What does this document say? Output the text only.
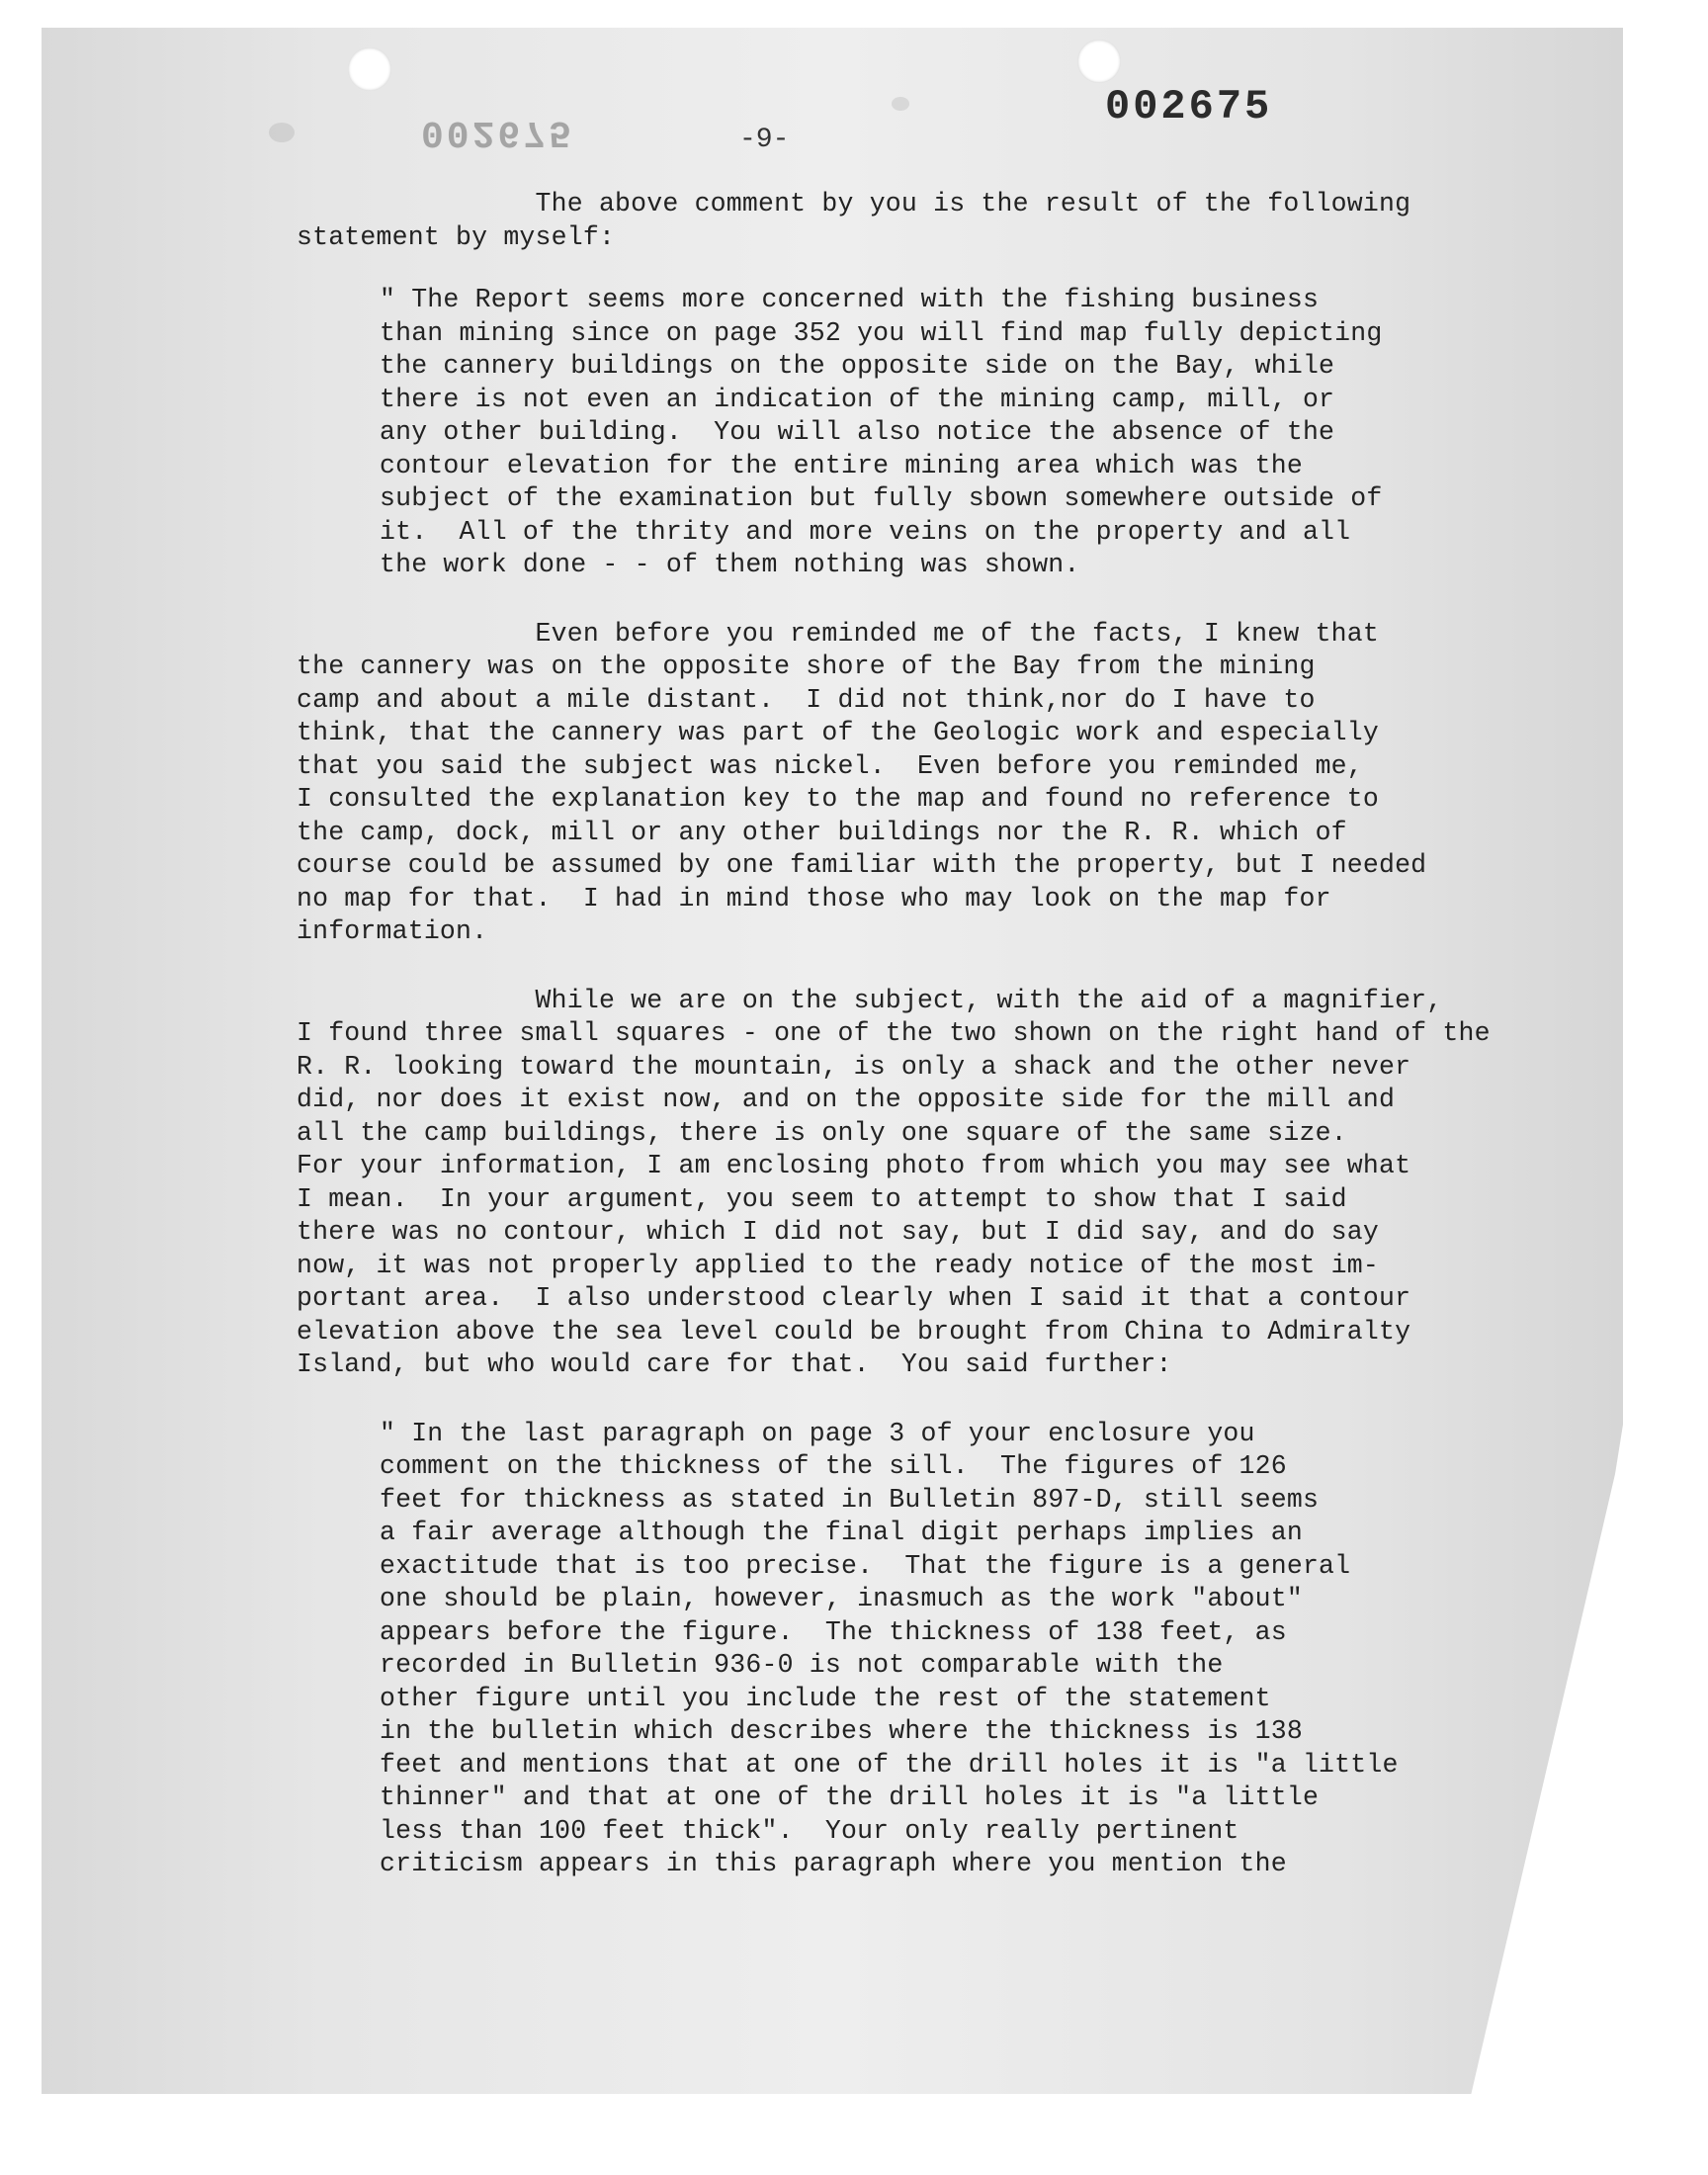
002675
002675
-9-

The above comment by you is the result of the following
statement by myself:

" The Report seems more concerned with the fishing business
than mining since on page 352 you will find map fully depicting
the cannery buildings on the opposite side on the Bay, while
there is not even an indication of the mining camp, mill, or
any other building.  You will also notice the absence of the
contour elevation for the entire mining area which was the
subject of the examination but fully sbown somewhere outside of
it.  All of the thrity and more veins on the property and all
the work done - - of them nothing was shown.

Even before you reminded me of the facts, I knew that
the cannery was on the opposite shore of the Bay from the mining
camp and about a mile distant.  I did not think,nor do I have to
think, that the cannery was part of the Geologic work and especially
that you said the subject was nickel.  Even before you reminded me,
I consulted the explanation key to the map and found no reference to
the camp, dock, mill or any other buildings nor the R. R. which of
course could be assumed by one familiar with the property, but I needed
no map for that.  I had in mind those who may look on the map for
information.

While we are on the subject, with the aid of a magnifier,
I found three small squares - one of the two shown on the right hand of the
R. R. looking toward the mountain, is only a shack and the other never
did, nor does it exist now, and on the opposite side for the mill and
all the camp buildings, there is only one square of the same size.
For your information, I am enclosing photo from which you may see what
I mean.  In your argument, you seem to attempt to show that I said
there was no contour, which I did not say, but I did say, and do say
now, it was not properly applied to the ready notice of the most im-
portant area.  I also understood clearly when I said it that a contour
elevation above the sea level could be brought from China to Admiralty
Island, but who would care for that.  You said further:

" In the last paragraph on page 3 of your enclosure you
comment on the thickness of the sill.  The figures of 126
feet for thickness as stated in Bulletin 897-D, still seems
a fair average although the final digit perhaps implies an
exactitude that is too precise.  That the figure is a general
one should be plain, however, inasmuch as the work "about"
appears before the figure.  The thickness of 138 feet, as
recorded in Bulletin 936-0 is not comparable with the
other figure until you include the rest of the statement
in the bulletin which describes where the thickness is 138
feet and mentions that at one of the drill holes it is "a little
thinner" and that at one of the drill holes it is "a little
less than 100 feet thick".  Your only really pertinent
criticism appears in this paragraph where you mention the
